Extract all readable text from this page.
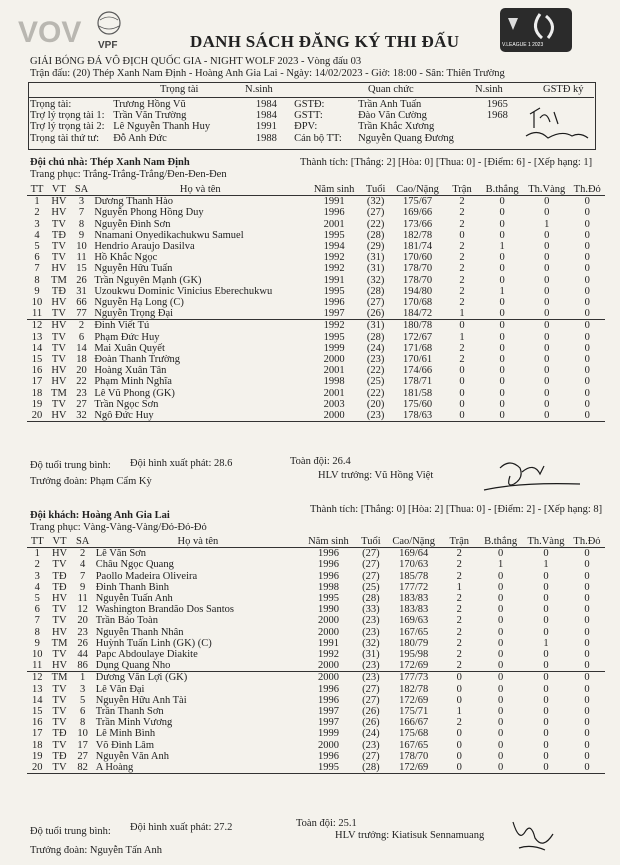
VOV VPF	V.LEAGUE 1 2023
DANH SÁCH ĐĂNG KÝ THI ĐẤU
GIẢI BÓNG ĐÁ VÔ ĐỊCH QUỐC GIA - NIGHT WOLF 2023 - Vòng đấu 03
Trận đấu: (20) Thép Xanh Nam Định - Hoàng Anh Gia Lai - Ngày: 14/02/2023 - Giờ: 18:00 - Sân: Thiên Trường
Trọng tài	N.sinh	Quan chức	N.sinh	GSTĐ ký
Trọng tài:	Trương Hồng Vũ	1984	GSTĐ:	Trần Anh Tuấn	1965
Trợ lý trọng tài 1:	Trần Văn Trường	1984	GSTT:	Đào Văn Cường	1968
Trợ lý trọng tài 2:	Lê Nguyễn Thanh Huy	1991	ĐPV:	Trần Khắc Xương	
Trọng tài thứ tư:	Đỗ Anh Đức	1988	Cán bộ TT:	Nguyễn Quang Đương	
Đội chủ nhà: Thép Xanh Nam Định	Thành tích: [Thắng: 2] [Hòa: 0] [Thua: 0] - [Điểm: 6] - [Xếp hạng: 1]
Trang phục: Trắng-Trắng-Trắng/Đen-Đen-Đen
TT	VT	SA	Họ và tên	Năm sinh	Tuổi	Cao/Nặng	Trận	B.thắng	Th.Vàng	Th.Đỏ
1	HV	3	Dương Thanh Hào	1991	(32)	175/67	2	0	0	0
2	HV	7	Nguyễn Phong Hồng Duy	1996	(27)	169/66	2	0	0	0
3	TV	8	Nguyễn Đình Sơn	2001	(22)	173/66	2	0	1	0
4	TĐ	9	Nnamani Onyedikachukwu Samuel	1995	(28)	182/78	0	0	0	0
5	TV	10	Hendrio Araujo Dasilva	1994	(29)	181/74	2	1	0	0
6	TV	11	Hồ Khắc Ngọc	1992	(31)	170/60	2	0	0	0
7	HV	15	Nguyễn Hữu Tuấn	1992	(31)	178/70	2	0	0	0
8	TM	26	Trần Nguyên Mạnh (GK)	1991	(32)	178/70	2	0	0	0
9	TĐ	31	Uzoukwu Dominic Vinicius Eberechukwu	1995	(28)	194/80	2	1	0	0
10	HV	66	Nguyễn Hạ Long (C)	1996	(27)	170/68	2	0	0	0
11	TV	77	Nguyễn Trọng Đại	1997	(26)	184/72	1	0	0	0
12	HV	2	Đinh Viết Tú	1992	(31)	180/78	0	0	0	0
13	TV	6	Phạm Đức Huy	1995	(28)	172/67	1	0	0	0
14	TV	14	Mai Xuân Quyết	1999	(24)	171/68	2	0	0	0
15	TV	18	Đoàn Thanh Trường	2000	(23)	170/61	2	0	0	0
16	HV	20	Hoàng Xuân Tân	2001	(22)	174/66	0	0	0	0
17	HV	22	Phạm Minh Nghĩa	1998	(25)	178/71	0	0	0	0
18	TM	23	Lê Vũ Phong (GK)	2001	(22)	181/58	0	0	0	0
19	TV	27	Trần Ngọc Sơn	2003	(20)	175/60	0	0	0	0
20	HV	32	Ngô Đức Huy	2000	(23)	178/63	0	0	0	0
Độ tuổi trung bình: Đội hình xuất phát: 28.6	Toàn đội: 26.4
Trưởng đoàn: Phạm Cẩm Kỳ
HLV trưởng: Vũ Hồng Việt
Đội khách: Hoàng Anh Gia Lai
Thành tích: [Thắng: 0] [Hòa: 2] [Thua: 0] - [Điểm: 2] - [Xếp hạng: 8]
Trang phục: Vàng-Vàng-Vàng/Đỏ-Đỏ-Đỏ
TT	VT	SA	Họ và tên	Năm sinh	Tuổi	Cao/Nặng	Trận	B.thắng	Th.Vàng	Th.Đỏ
1	HV	2	Lê Văn Sơn	1996	(27)	169/64	2	0	0	0
2	TV	4	Châu Ngọc Quang	1996	(27)	170/63	2	1	1	0
3	TĐ	7	Paollo Madeira Oliveira	1996	(27)	185/78	2	0	0	0
4	TĐ	9	Đinh Thanh Bình	1998	(25)	177/72	1	0	0	0
5	HV	11	Nguyễn Tuấn Anh	1995	(28)	183/83	2	0	0	0
6	TV	12	Washington Brandão Dos Santos	1990	(33)	183/83	2	0	0	0
7	TV	20	Trần Bảo Toàn	2000	(23)	169/63	2	0	0	0
8	HV	23	Nguyễn Thanh Nhân	2000	(23)	167/65	2	0	0	0
9	TM	26	Huỳnh Tuấn Linh (GK) (C)	1991	(32)	180/79	2	0	1	0
10	TV	44	Papc Abdoulaye Diakite	1992	(31)	195/98	2	0	0	0
11	HV	86	Dụng Quang Nho	2000	(23)	172/69	2	0	0	0
12	TM	1	Dương Văn Lợi (GK)	2000	(23)	177/73	0	0	0	0
13	TV	3	Lê Văn Đại	1996	(27)	182/78	0	0	0	0
14	TV	5	Nguyễn Hữu Anh Tài	1996	(27)	172/69	0	0	0	0
15	TV	6	Trần Thanh Sơn	1997	(26)	175/71	1	0	0	0
16	TV	8	Trần Minh Vương	1997	(26)	166/67	2	0	0	0
17	TĐ	10	Lê Minh Bình	1999	(24)	175/68	0	0	0	0
18	TV	17	Võ Đình Lâm	2000	(23)	167/65	0	0	0	0
19	TĐ	27	Nguyễn Văn Anh	1996	(27)	178/70	0	0	0	0
20	TV	82	A Hoàng	1995	(28)	172/69	0	0	0	0
Độ tuổi trung bình: Đội hình xuất phát: 27.2	Toàn đội: 25.1
Trưởng đoàn: Nguyễn Tấn Anh
HLV trưởng: Kiatisuk Sennamuang
